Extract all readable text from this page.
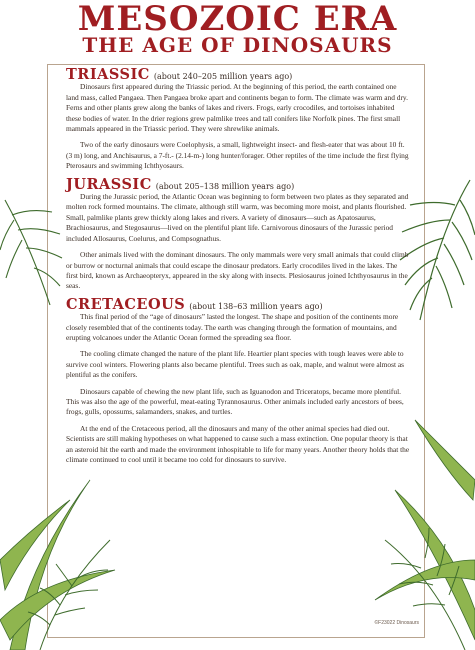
MESOZOIC ERA
THE AGE OF DINOSAURS
TRIASSIC (about 240–205 million years ago)

Dinosaurs first appeared during the Triassic period. At the beginning of this period, the earth contained one land mass, called Pangaea. Then Pangaea broke apart and continents began to form. The climate was warm and dry. Ferns and other plants grew along the banks of lakes and rivers. Frogs, early crocodiles, and tortoises inhabited these bodies of water. In the drier regions grew palmlike trees and tall conifers like Norfolk pines. The first small mammals appeared in the Triassic period. They were shrewlike animals.

Two of the early dinosaurs were Coelophysis, a small, lightweight insect- and flesh-eater that was about 10 ft. (3 m) long, and Anchisaurus, a 7-ft.- (2.14-m-) long hunter/forager. Other reptiles of the time include the first flying Pterosaurs and swimming Ichthyosaurs.

JURASSIC (about 205–138 million years ago)

During the Jurassic period, the Atlantic Ocean was beginning to form between two plates as they separated and molten rock formed mountains. The climate, although still warm, was becoming more moist, and plants flourished. Small, palmlike plants grew thickly along lakes and rivers. A variety of dinosaurs—such as Apatosaurus, Brachiosaurus, and Stegosaurus—lived on the plentiful plant life. Carnivorous dinosaurs of the Jurassic period included Allosaurus, Coelurus, and Compsognathus.

Other animals lived with the dominant dinosaurs. The only mammals were very small animals that could climb or burrow or nocturnal animals that could escape the dinosaur predators. Early crocodiles lived in the lakes. The first bird, known as Archaeopteryx, appeared in the sky along with insects. Plesiosaurus joined Ichthyosaurus in the seas.

CRETACEOUS (about 138–63 million years ago)

This final period of the “age of dinosaurs” lasted the longest. The shape and position of the continents more closely resembled that of the continents today. The earth was changing through the formation of mountains, and erupting volcanoes under the Atlantic Ocean formed the spreading sea floor.

The cooling climate changed the nature of the plant life. Heartier plant species with tough leaves were able to survive cool winters. Flowering plants also became plentiful. Trees such as oak, maple, and walnut were almost as plentiful as the conifers.

Dinosaurs capable of chewing the new plant life, such as Iguanodon and Triceratops, became more plentiful. This was also the age of the powerful, meat-eating Tyrannosaurus. Other animals included early ancestors of bees, frogs, gulls, opossums, salamanders, snakes, and turtles.

At the end of the Cretaceous period, all the dinosaurs and many of the other animal species had died out. Scientists are still making hypotheses on what happened to cause such a mass extinction. One popular theory is that an asteroid hit the earth and made the environment inhospitable to life for many years. Another theory holds that the climate continued to cool until it became too cold for dinosaurs to survive.

©F23022 Dinosaurs
